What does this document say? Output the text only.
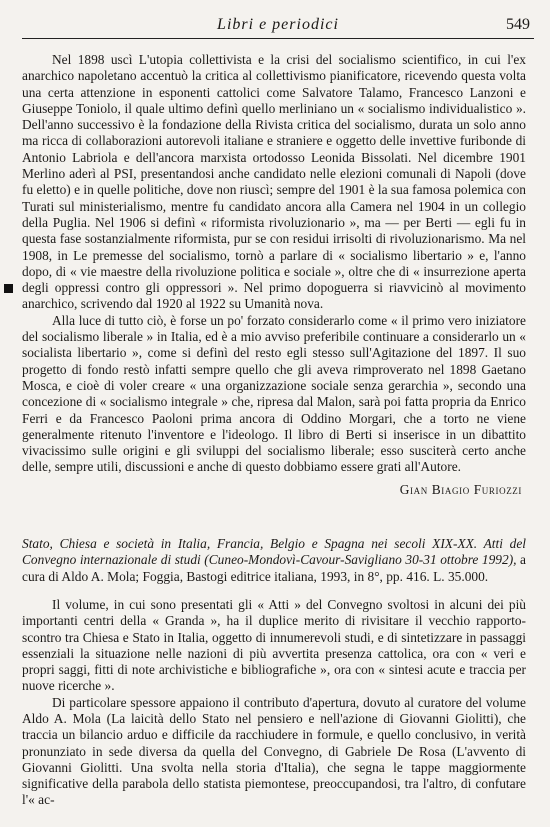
Libri e periodici	549

Nel 1898 uscì L'utopia collettivista e la crisi del socialismo scientifico, in cui l'ex anarchico napoletano accentuò la critica al collettivismo pianificatore, ricevendo questa volta una certa attenzione in esponenti cattolici come Salvatore Talamo, Francesco Lanzoni e Giuseppe Toniolo, il quale ultimo definì quello merliniano un « socialismo individualistico ». Dell'anno successivo è la fondazione della Rivista critica del socialismo, durata un solo anno ma ricca di collaborazioni autorevoli italiane e straniere e oggetto delle invettive furibonde di Antonio Labriola e dell'ancora marxista ortodosso Leonida Bissolati. Nel dicembre 1901 Merlino aderì al PSI, presentandosi anche candidato nelle elezioni comunali di Napoli (dove fu eletto) e in quelle politiche, dove non riuscì; sempre del 1901 è la sua famosa polemica con Turati sul ministerialismo, mentre fu candidato ancora alla Camera nel 1904 in un collegio della Puglia. Nel 1906 si definì « riformista rivoluzionario », ma — per Berti — egli fu in questa fase sostanzialmente riformista, pur se con residui irrisolti di rivoluzionarismo. Ma nel 1908, in Le premesse del socialismo, tornò a parlare di « socialismo libertario » e, l'anno dopo, di « vie maestre della rivoluzione politica e sociale », oltre che di « insurrezione aperta degli oppressi contro gli oppressori ». Nel primo dopoguerra si riavvicinò al movimento anarchico, scrivendo dal 1920 al 1922 su Umanità nova.

Alla luce di tutto ciò, è forse un po' forzato considerarlo come « il primo vero iniziatore del socialismo liberale » in Italia, ed è a mio avviso preferibile continuare a considerarlo un « socialista libertario », come si definì del resto egli stesso sull'Agitazione del 1897. Il suo progetto di fondo restò infatti sempre quello che gli aveva rimproverato nel 1898 Gaetano Mosca, e cioè di voler creare « una organizzazione sociale senza gerarchia », secondo una concezione di « socialismo integrale » che, ripresa dal Malon, sarà poi fatta propria da Enrico Ferri e da Francesco Paoloni prima ancora di Oddino Morgari, che a torto ne viene generalmente ritenuto l'inventore e l'ideologo. Il libro di Berti si inserisce in un dibattito vivacissimo sulle origini e gli sviluppi del socialismo liberale; esso susciterà certo anche delle, sempre utili, discussioni e anche di questo dobbiamo essere grati all'Autore.

Gian Biagio Furiozzi

Stato, Chiesa e società in Italia, Francia, Belgio e Spagna nei secoli XIX-XX. Atti del Convegno internazionale di studi (Cuneo-Mondovì-Cavour-Savigliano 30-31 ottobre 1992), a cura di Aldo A. Mola; Foggia, Bastogi editrice italiana, 1993, in 8°, pp. 416. L. 35.000.

Il volume, in cui sono presentati gli « Atti » del Convegno svoltosi in alcuni dei più importanti centri della « Granda », ha il duplice merito di rivisitare il vecchio rapporto-scontro tra Chiesa e Stato in Italia, oggetto di innumerevoli studi, e di sintetizzare in passaggi essenziali la situazione nelle nazioni di più avvertita presenza cattolica, ora con « veri e propri saggi, fitti di note archivistiche e bibliografiche », ora con « sintesi acute e traccia per nuove ricerche ».

Di particolare spessore appaiono il contributo d'apertura, dovuto al curatore del volume Aldo A. Mola (La laicità dello Stato nel pensiero e nell'azione di Giovanni Giolitti), che traccia un bilancio arduo e difficile da racchiudere in formule, e quello conclusivo, in verità pronunziato in sede diversa da quella del Convegno, di Gabriele De Rosa (L'avvento di Giovanni Giolitti. Una svolta nella storia d'Italia), che segna le tappe maggiormente significative della parabola dello statista piemontese, preoccupandosi, tra l'altro, di confutare l'« ac-
